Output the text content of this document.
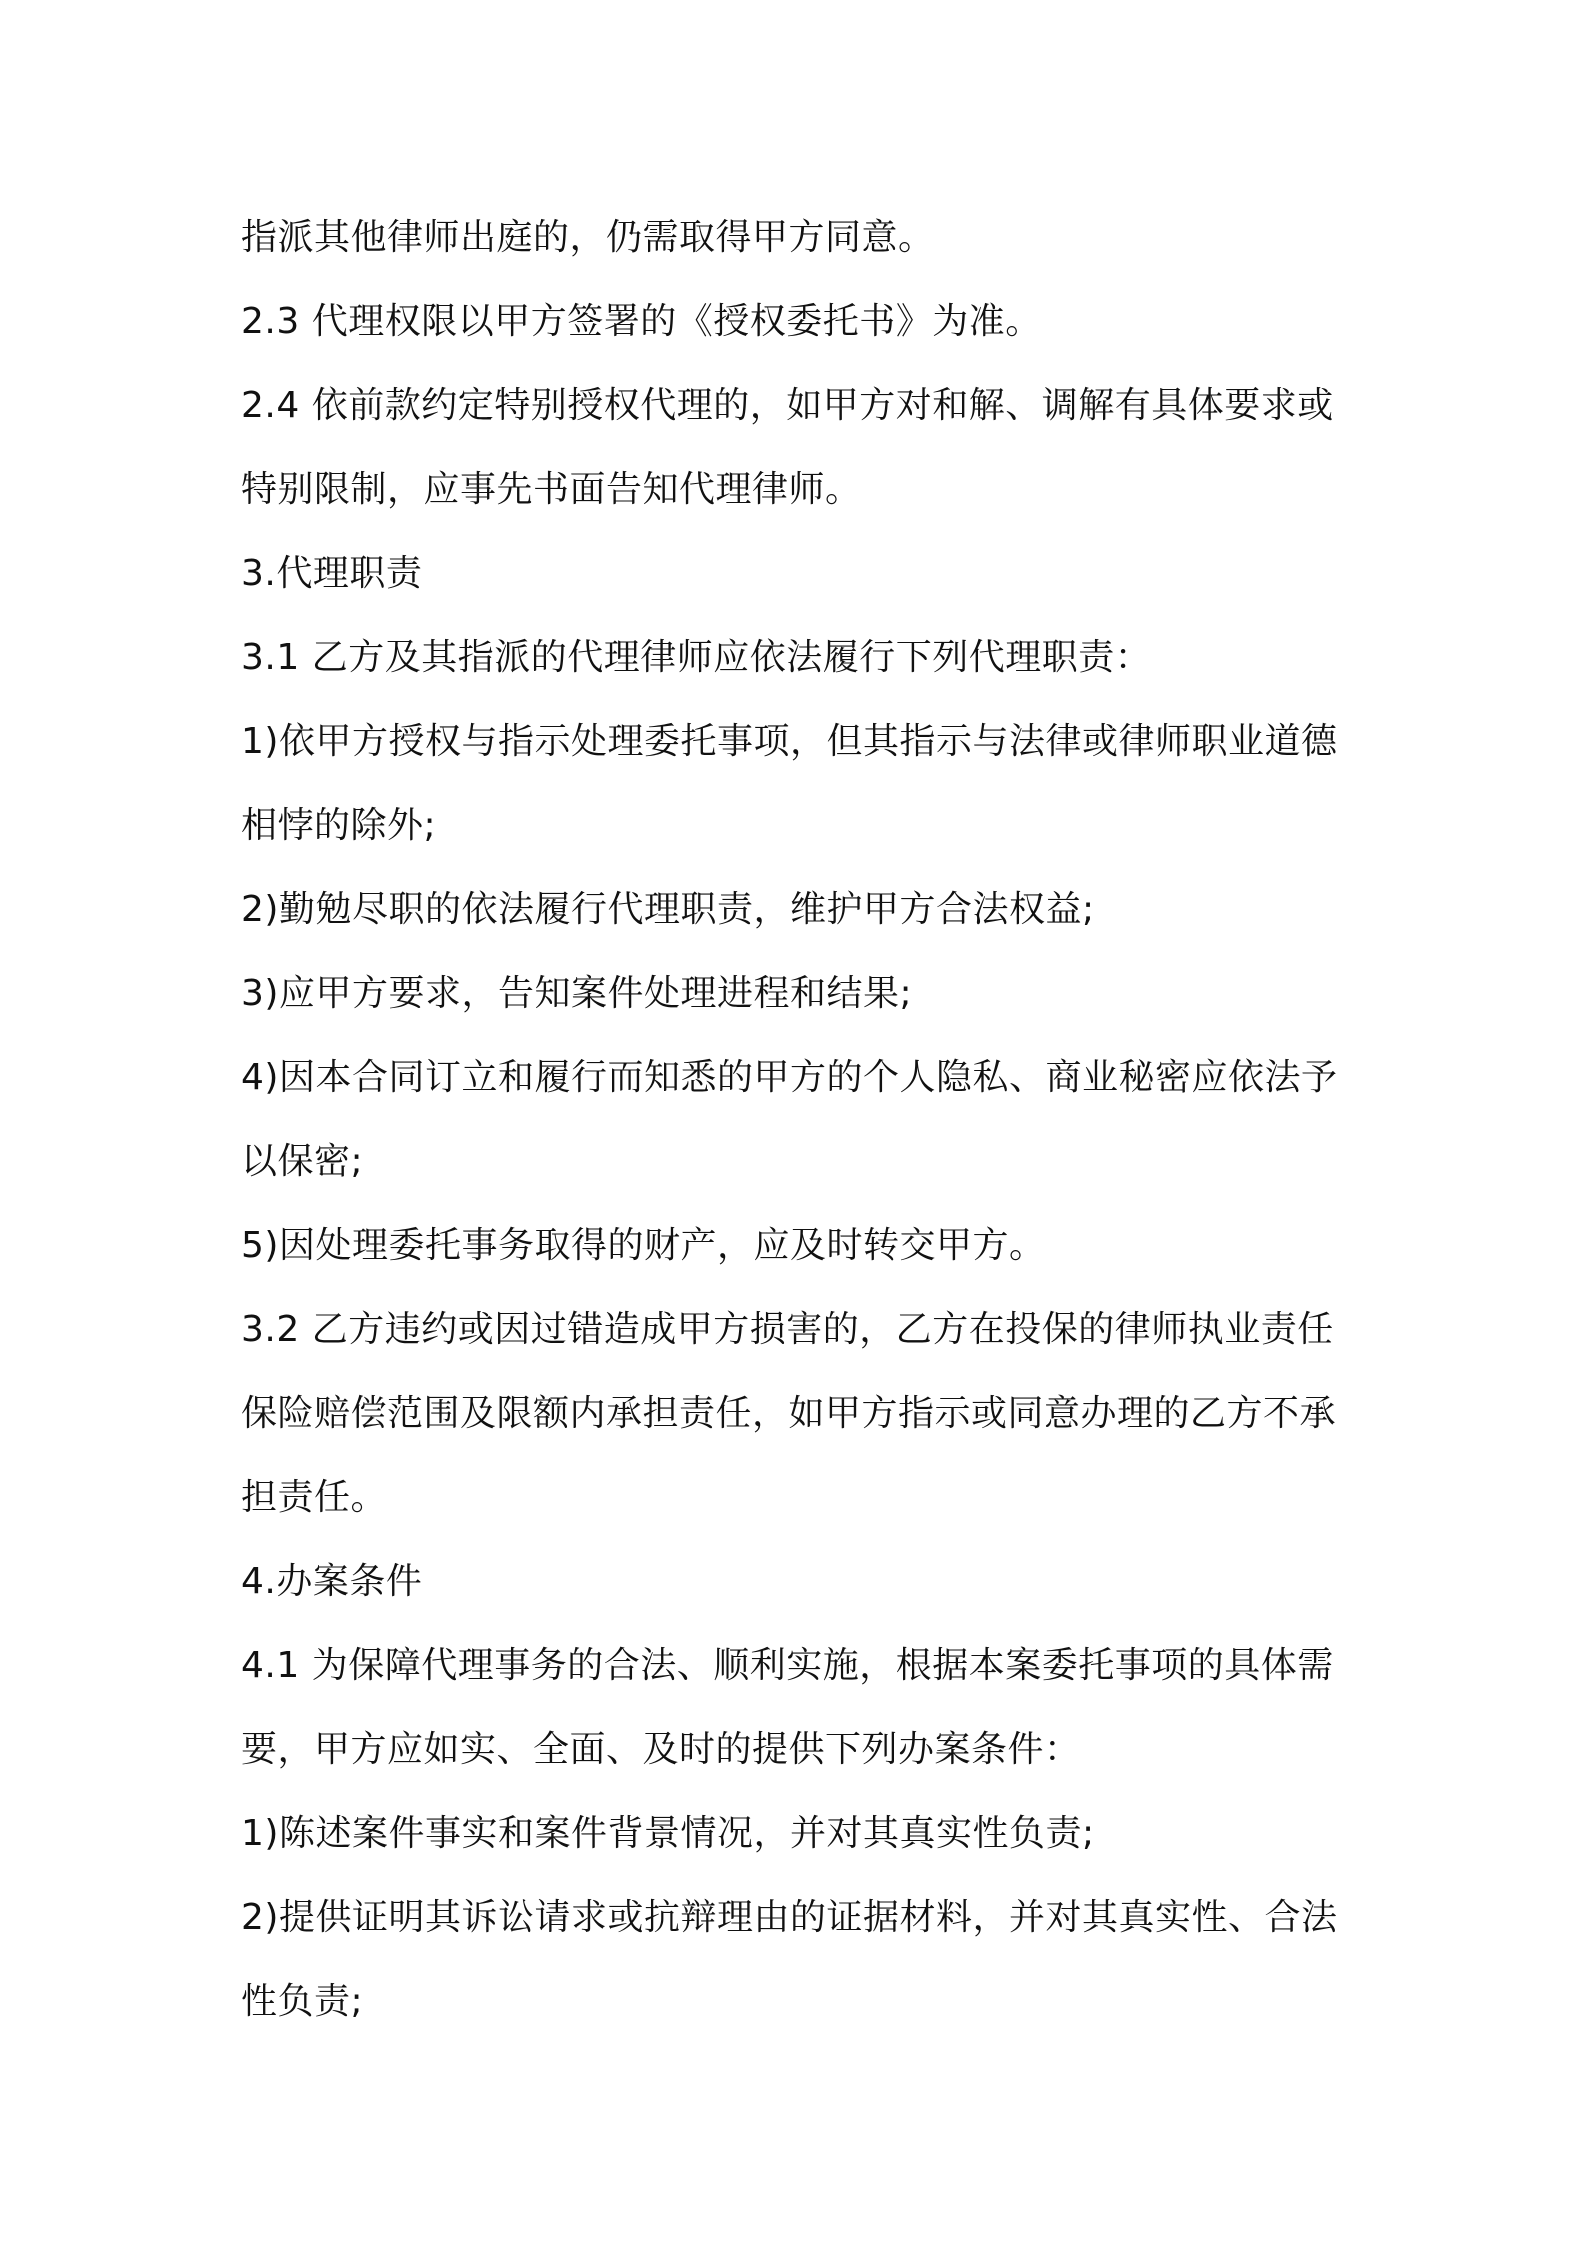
指派其他律师出庭的，仍需取得甲方同意。
2.3 代理权限以甲方签署的《授权委托书》为准。
2.4 依前款约定特别授权代理的，如甲方对和解、调解有具体要求或
特别限制，应事先书面告知代理律师。
3.代理职责
3.1 乙方及其指派的代理律师应依法履行下列代理职责：
1)依甲方授权与指示处理委托事项，但其指示与法律或律师职业道德
相悖的除外;
2)勤勉尽职的依法履行代理职责，维护甲方合法权益;
3)应甲方要求，告知案件处理进程和结果;
4)因本合同订立和履行而知悉的甲方的个人隐私、商业秘密应依法予
以保密;
5)因处理委托事务取得的财产，应及时转交甲方。
3.2 乙方违约或因过错造成甲方损害的，乙方在投保的律师执业责任
保险赔偿范围及限额内承担责任，如甲方指示或同意办理的乙方不承
担责任。
4.办案条件
4.1 为保障代理事务的合法、顺利实施，根据本案委托事项的具体需
要，甲方应如实、全面、及时的提供下列办案条件：
1)陈述案件事实和案件背景情况，并对其真实性负责;
2)提供证明其诉讼请求或抗辩理由的证据材料，并对其真实性、合法
性负责;
